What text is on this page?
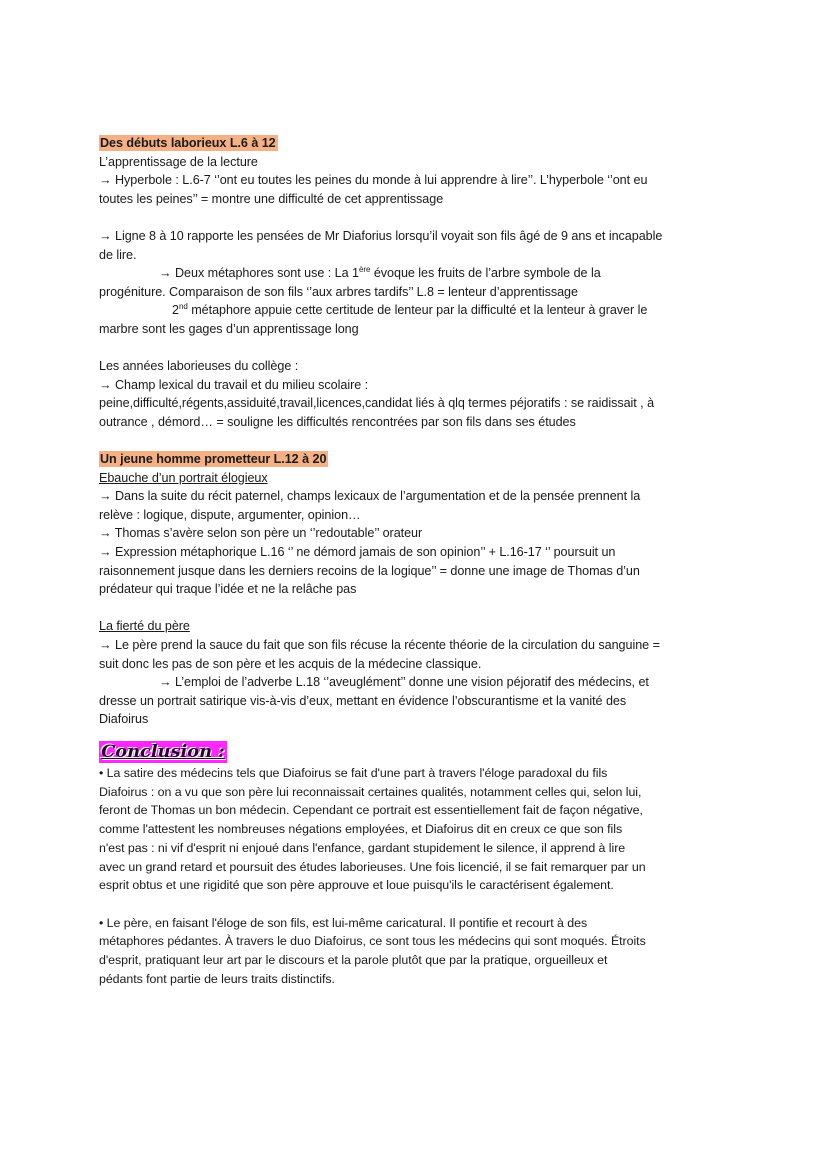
Des débuts laborieux L.6 à 12

L’apprentissage de la lecture

→ Hyperbole : L.6-7 ‘’ont eu toutes les peines du monde à lui apprendre à lire’’. L’hyperbole ‘’ont eu

toutes les peines’’ = montre une difficulté de cet apprentissage

→ Ligne 8 à 10 rapporte les pensées de Mr Diaforius lorsqu’il voyait son fils âgé de 9 ans et incapable

de lire.

→ Deux métaphores sont use : La 1ère évoque les fruits de l’arbre symbole de la

progéniture. Comparaison de son fils ‘’aux arbres tardifs’’ L.8 = lenteur d’apprentissage

2nd métaphore appuie cette certitude de lenteur par la difficulté et la lenteur à graver le

marbre sont les gages d’un apprentissage long

Les années laborieuses du collège :

→ Champ lexical du travail et du milieu scolaire :

peine,difficulté,régents,assiduité,travail,licences,candidat liés à qlq termes péjoratifs : se raidissait , à

outrance , démord… = souligne les difficultés rencontrées par son fils dans ses études

Un jeune homme prometteur L.12 à 20

Ebauche d’un portrait élogieux

→ Dans la suite du récit paternel, champs lexicaux de l’argumentation et de la pensée prennent la

relève : logique, dispute, argumenter, opinion…

→ Thomas s’avère selon son père un ‘’redoutable’’ orateur

→ Expression métaphorique L.16 ‘’ ne démord jamais de son opinion’’ + L.16-17 ‘’ poursuit un

raisonnement jusque dans les derniers recoins de la logique’’ = donne une image de Thomas d’un

prédateur qui traque l’idée et ne la relâche pas

La fierté du père

→ Le père prend la sauce du fait que son fils récuse la récente théorie de la circulation du sanguine =

suit donc les pas de son père et les acquis de la médecine classique.

→ L’emploi de l’adverbe L.18 ‘’aveuglément’’ donne une vision péjoratif des médecins, et

dresse un portrait satirique vis-à-vis d’eux, mettant en évidence l’obscurantisme et la vanité des

Diafoirus

Conclusion :

• La satire des médecins tels que Diafoirus se fait d'une part à travers l'éloge paradoxal du fils

Diafoirus : on a vu que son père lui reconnaissait certaines qualités, notamment celles qui, selon lui,

feront de Thomas un bon médecin. Cependant ce portrait est essentiellement fait de façon négative,

comme l'attestent les nombreuses négations employées, et Diafoirus dit en creux ce que son fils

n'est pas : ni vif d'esprit ni enjoué dans l'enfance, gardant stupidement le silence, il apprend à lire

avec un grand retard et poursuit des études laborieuses. Une fois licencié, il se fait remarquer par un

esprit obtus et une rigidité que son père approuve et loue puisqu'ils le caractérisent également.

• Le père, en faisant l'éloge de son fils, est lui-même caricatural. Il pontifie et recourt à des

métaphores pédantes. À travers le duo Diafoirus, ce sont tous les médecins qui sont moqués. Étroits

d'esprit, pratiquant leur art par le discours et la parole plutôt que par la pratique, orgueilleux et

pédants font partie de leurs traits distinctifs.
